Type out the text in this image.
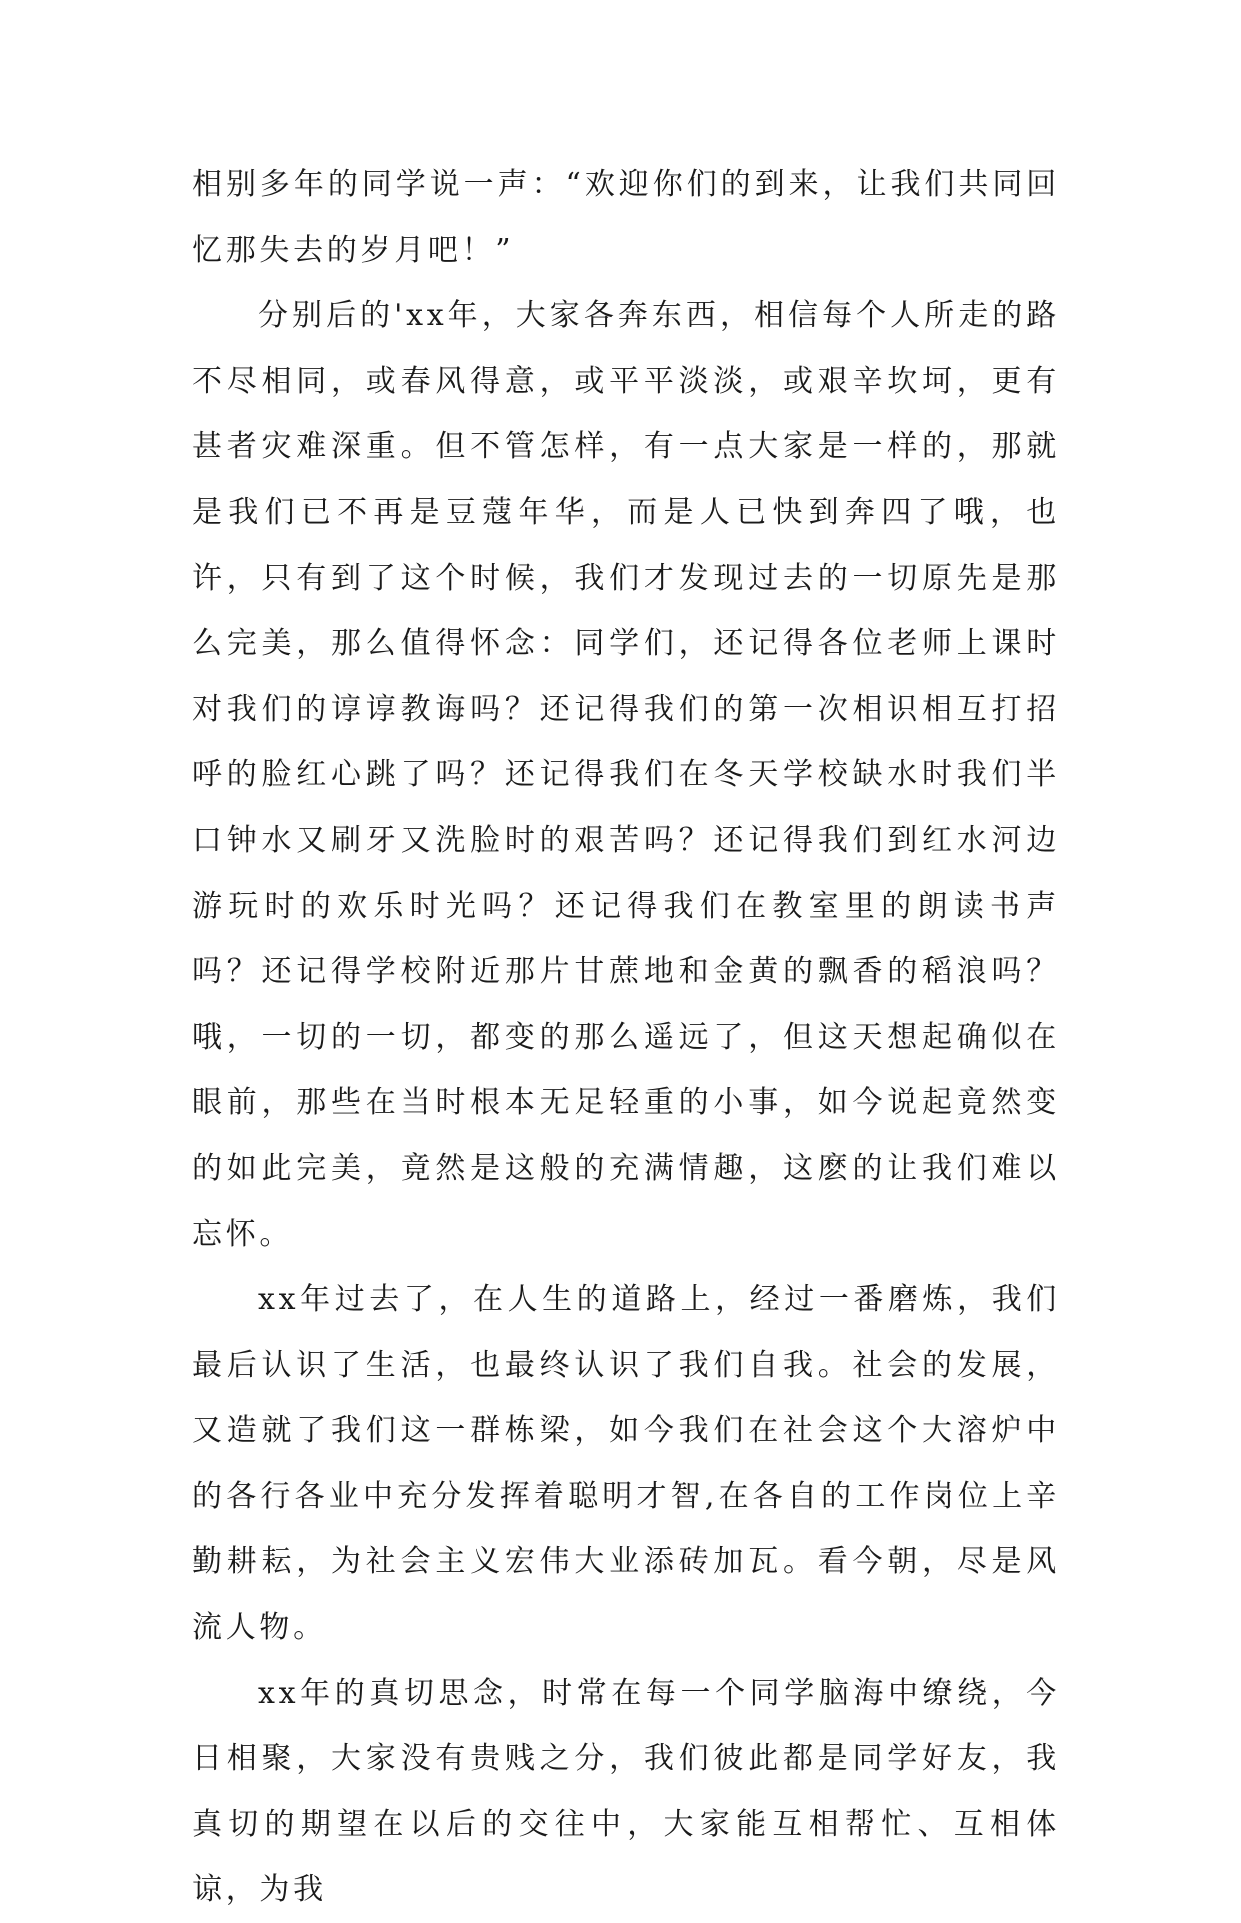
相别多年的同学说一声：“欢迎你们的到来，让我们共同回忆那失去的岁月吧！”

分别后的'xx年，大家各奔东西，相信每个人所走的路不尽相同，或春风得意，或平平淡淡，或艰辛坎坷，更有甚者灾难深重。但不管怎样，有一点大家是一样的，那就是我们已不再是豆蔻年华，而是人已快到奔四了哦，也许，只有到了这个时候，我们才发现过去的一切原先是那么完美，那么值得怀念：同学们，还记得各位老师上课时对我们的谆谆教诲吗？还记得我们的第一次相识相互打招呼的脸红心跳了吗？还记得我们在冬天学校缺水时我们半口钟水又刷牙又洗脸时的艰苦吗？还记得我们到红水河边游玩时的欢乐时光吗？还记得我们在教室里的朗读书声吗？还记得学校附近那片甘蔗地和金黄的飘香的稻浪吗？哦，一切的一切，都变的那么遥远了，但这天想起确似在眼前，那些在当时根本无足轻重的小事，如今说起竟然变的如此完美，竟然是这般的充满情趣，这麽的让我们难以忘怀。

xx年过去了，在人生的道路上，经过一番磨炼，我们最后认识了生活，也最终认识了我们自我。社会的发展，又造就了我们这一群栋梁，如今我们在社会这个大溶炉中的各行各业中充分发挥着聪明才智,在各自的工作岗位上辛勤耕耘，为社会主义宏伟大业添砖加瓦。看今朝，尽是风流人物。

xx年的真切思念，时常在每一个同学脑海中缭绕，今日相聚，大家没有贵贱之分，我们彼此都是同学好友，我真切的期望在以后的交往中，大家能互相帮忙、互相体谅，为我
